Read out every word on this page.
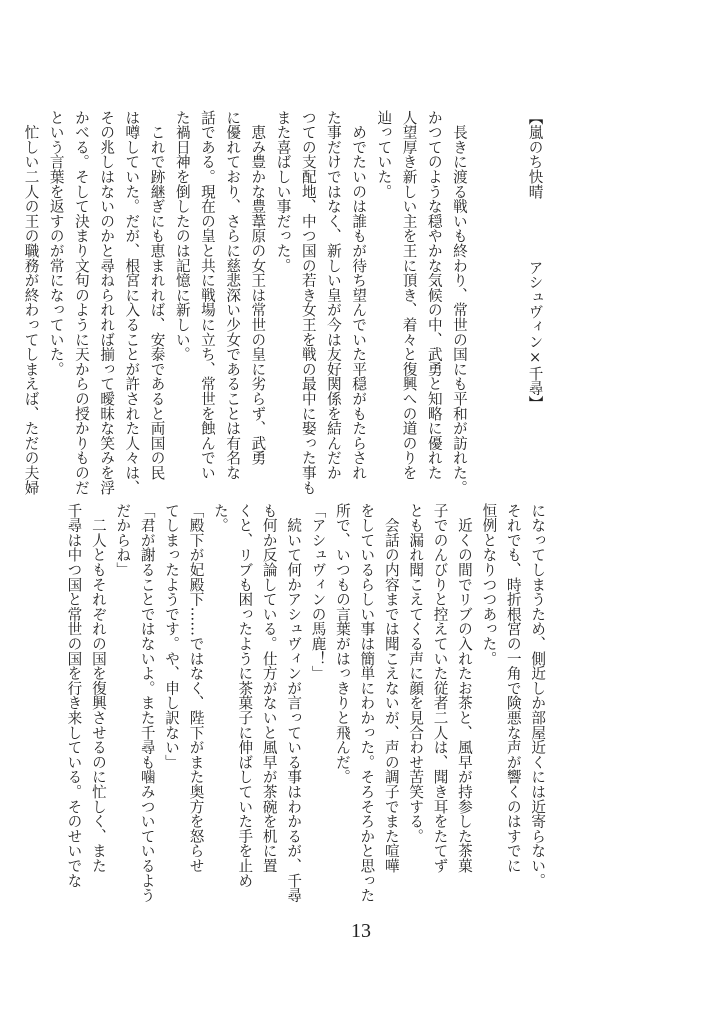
【嵐のち快晴
アシュヴィン×千尋】

　長きに渡る戦いも終わり、常世の国にも平和が訪れた。
かつてのような穏やかな気候の中、武勇と知略に優れた
人望厚き新しい主を王に頂き、着々と復興への道のりを
辿っていた。
　めでたいのは誰もが待ち望んでいた平穏がもたらされ
た事だけではなく、新しい皇が今は友好関係を結んだか
つての支配地、中つ国の若き女王を戦の最中に娶った事も
また喜ばしい事だった。
　恵み豊かな豊葦原の女王は常世の皇に劣らず、武勇
に優れており、さらに慈悲深い少女であることは有名な
話である。現在の皇と共に戦場に立ち、常世を蝕んでい
た禍日神を倒したのは記憶に新しい。
　これで跡継ぎにも恵まれれば、安泰であると両国の民
は噂していた。だが、根宮に入ることが許された人々は、
その兆しはないのかと尋ねられれば揃って曖昧な笑みを浮
かべる。そして決まり文句のように天からの授かりものだ
という言葉を返すのが常になっていた。
　忙しい二人の王の職務が終わってしまえば、ただの夫婦

になってしまうため、側近しか部屋近くには近寄らない。
それでも、時折根宮の一角で険悪な声が響くのはすでに
恒例となりつつあった。
　近くの間でリブの入れたお茶と、風早が持参した茶菓
子でのんびりと控えていた従者二人は、聞き耳をたてず
とも漏れ聞こえてくる声に顔を見合わせ苦笑する。
　会話の内容までは聞こえないが、声の調子でまた喧嘩
をしているらしい事は簡単にわかった。そろそろかと思った
所で、いつもの言葉がはっきりと飛んだ。
「アシュヴィンの馬鹿！」
　続いて何かアシュヴィンが言っている事はわかるが、千尋
も何か反論している。仕方がないと風早が茶碗を机に置
くと、リブも困ったように茶菓子に伸ばしていた手を止め
た。
「殿下が妃殿下……ではなく、陛下がまた奥方を怒らせ
てしまったようです。や、申し訳ない」
「君が謝ることではないよ。また千尋も噛みついているよう
だからね」
　二人ともそれぞれの国を復興させるのに忙しく、また
千尋は中つ国と常世の国を行き来している。そのせいでな

13
